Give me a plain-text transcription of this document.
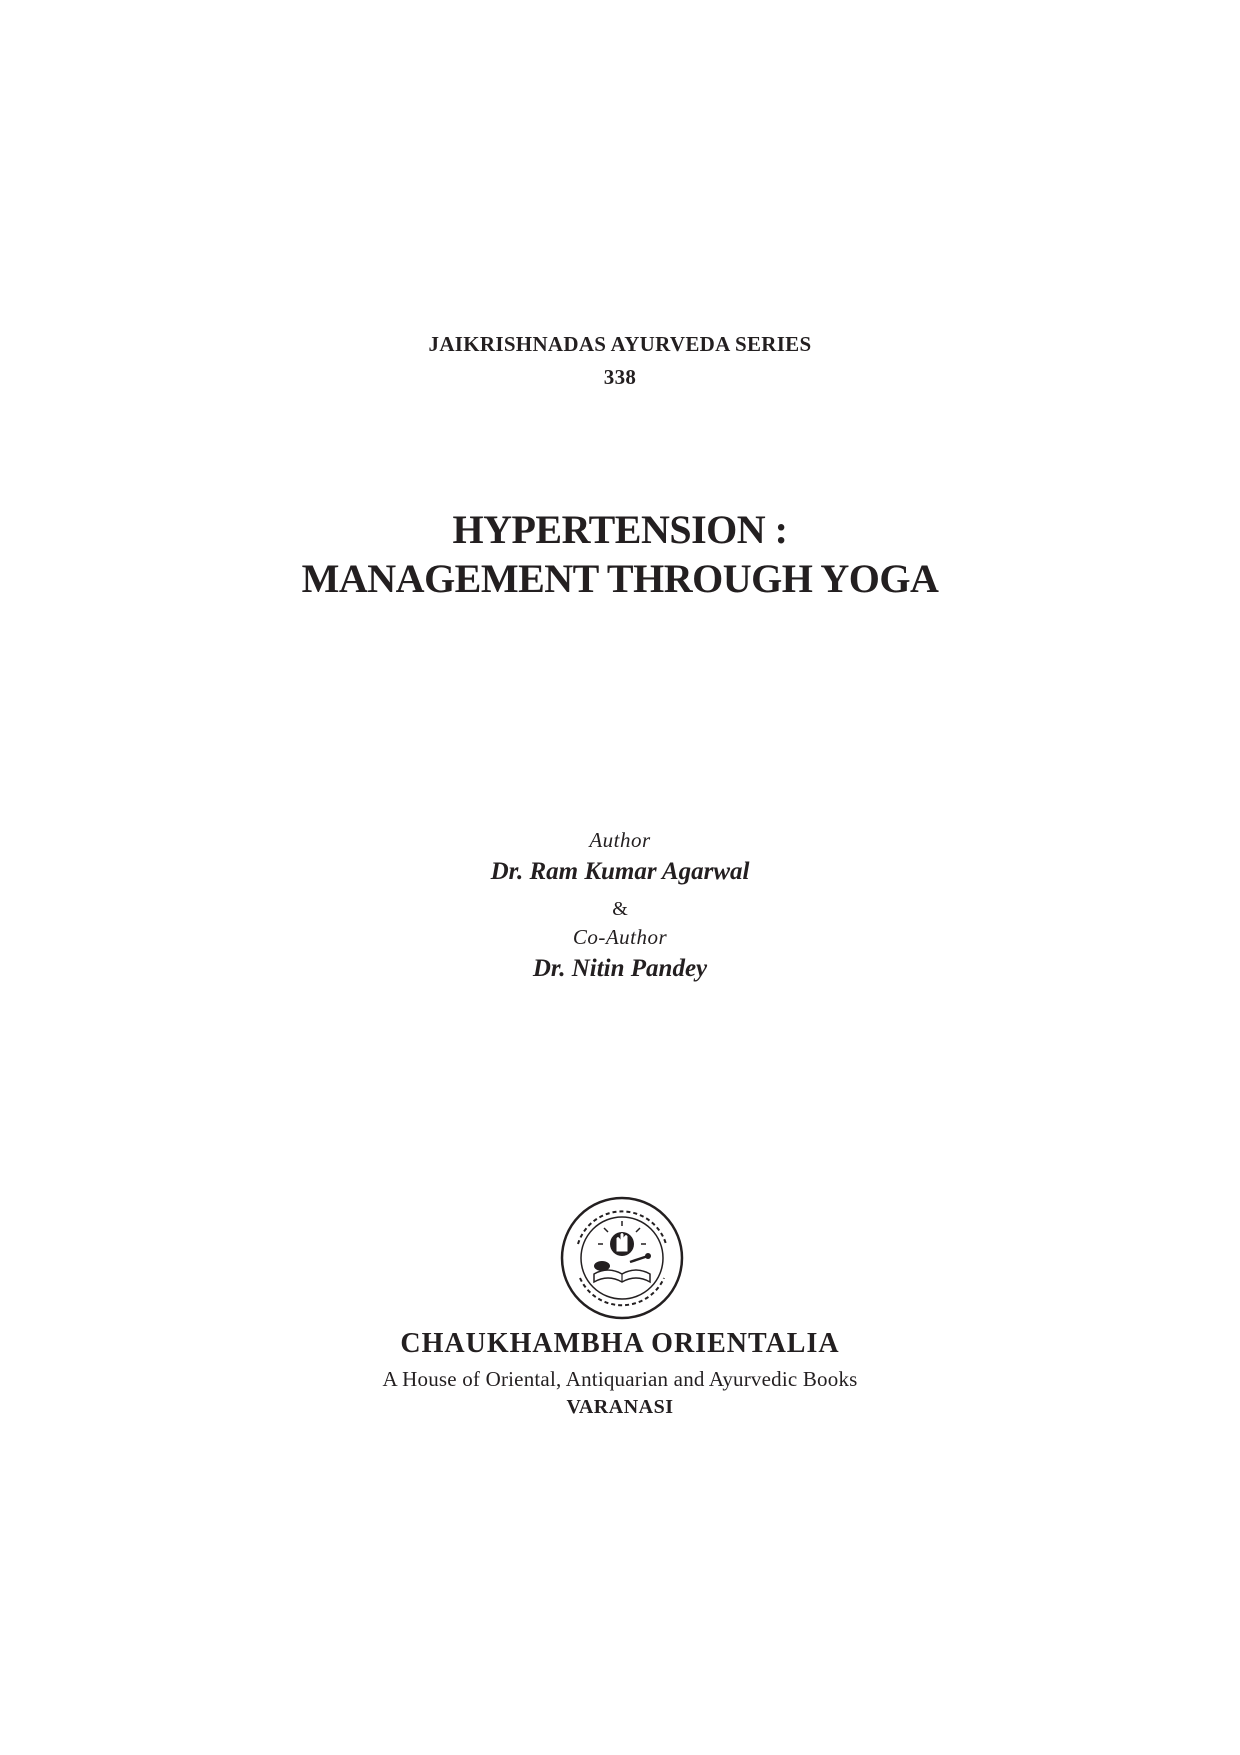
JAIKRISHNADAS AYURVEDA SERIES
338
HYPERTENSION :
MANAGEMENT THROUGH YOGA
Author
Dr. Ram Kumar Agarwal
&
Co-Author
Dr. Nitin Pandey
CHAUKHAMBHA ORIENTALIA
A House of Oriental, Antiquarian and Ayurvedic Books
VARANASI
